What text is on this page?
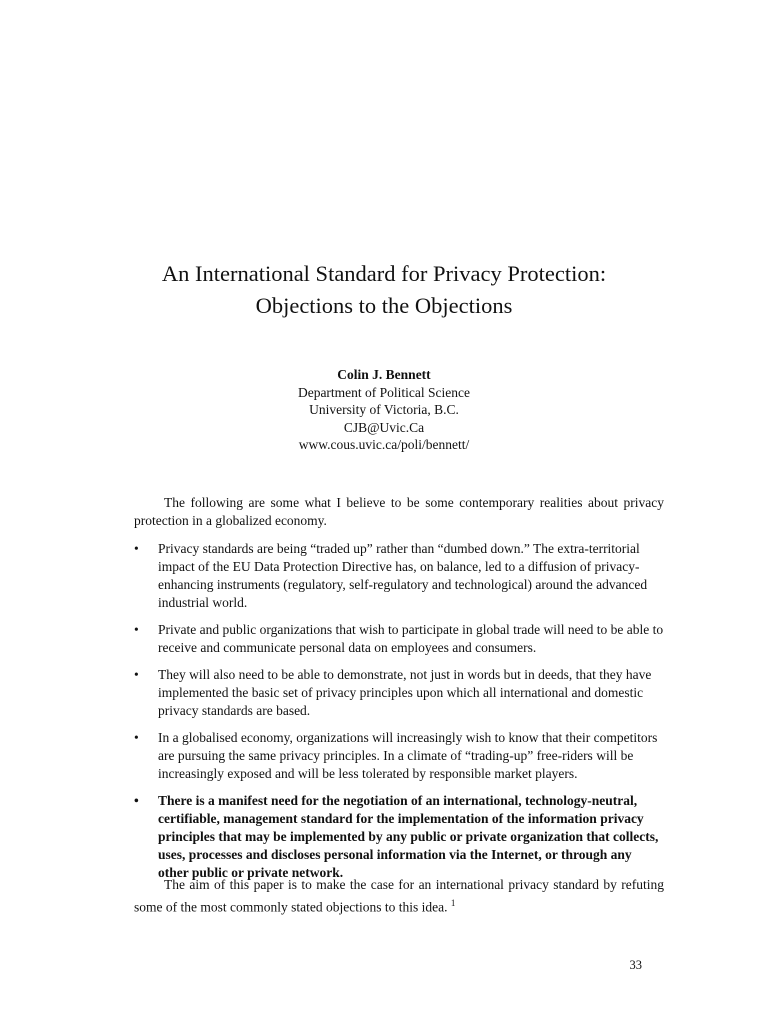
An International Standard for Privacy Protection:
Objections to the Objections
Colin J. Bennett
Department of Political Science
University of Victoria, B.C.
CJB@Uvic.Ca
www.cous.uvic.ca/poli/bennett/
The following are some what I believe to be some contemporary realities about privacy protection in a globalized economy.
• Privacy standards are being “traded up” rather than “dumbed down.” The extra-territorial impact of the EU Data Protection Directive has, on balance, led to a diffusion of privacy-enhancing instruments (regulatory, self-regulatory and technological) around the advanced industrial world.
• Private and public organizations that wish to participate in global trade will need to be able to receive and communicate personal data on employees and consumers.
• They will also need to be able to demonstrate, not just in words but in deeds, that they have implemented the basic set of privacy principles upon which all international and domestic privacy standards are based.
• In a globalised economy, organizations will increasingly wish to know that their competitors are pursuing the same privacy principles. In a climate of “trading-up” free-riders will be increasingly exposed and will be less tolerated by responsible market players.
• There is a manifest need for the negotiation of an international, technology-neutral, certifiable, management standard for the implementation of the information privacy principles that may be implemented by any public or private organization that collects, uses, processes and discloses personal information via the Internet, or through any other public or private network.
The aim of this paper is to make the case for an international privacy standard by refuting some of the most commonly stated objections to this idea. $^1$
33
